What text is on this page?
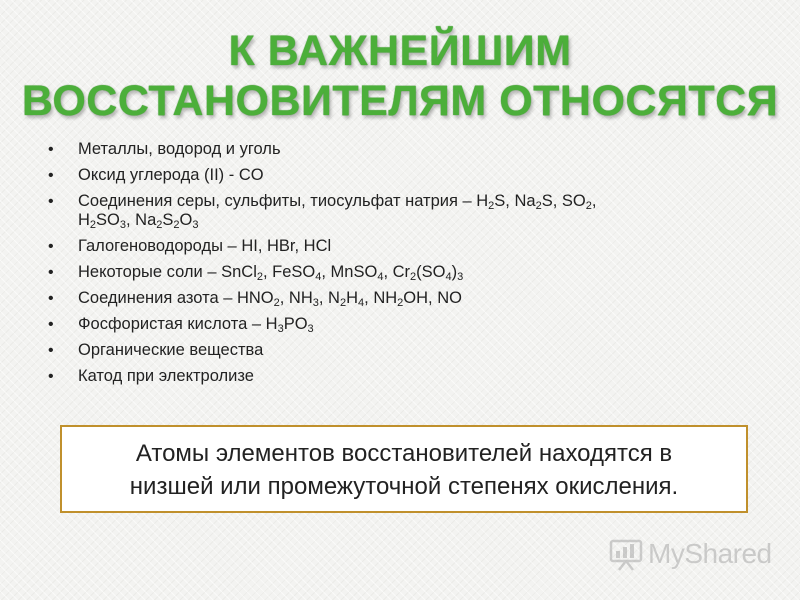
К ВАЖНЕЙШИМ
ВОССТАНОВИТЕЛЯМ ОТНОСЯТСЯ
• Металлы, водород и уголь
• Оксид углерода (II) - CO
• Соединения серы, сульфиты, тиосульфат натрия – $H_2S$, $Na_2S$, $SO_2$,
$H_2SO_3$, $Na_2S_2O_3$
• Галогеноводороды – HI, HBr, HCl
• Некоторые соли – SnCl$_2$, FeSO$_4$, MnSO$_4$, $Cr_2(SO_4)_3$
• Соединения азота – $HNO_2$, $NH_3$, $N_2H_4$, $NH_2OH$, NO
• Фосфористая кислота – $H_3PO_3$
• Органические вещества
• Катод при электролизе
Атомы элементов восстановителей находятся в
низшей или промежуточной степенях окисления.
MyShared
